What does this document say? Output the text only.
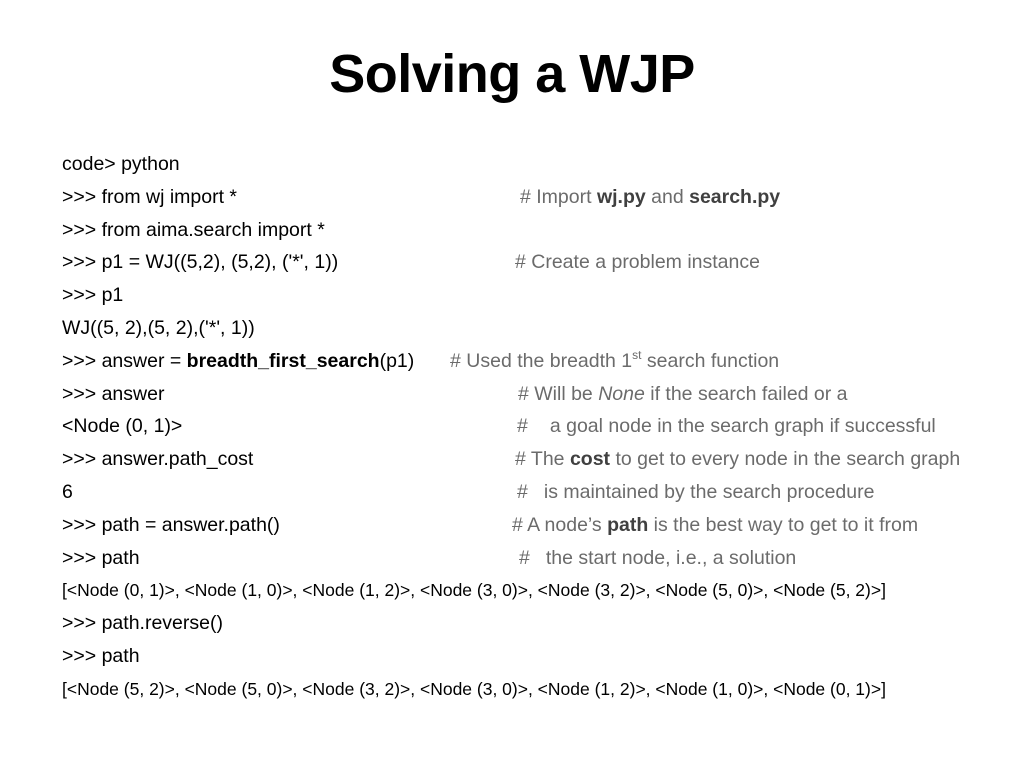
Solving a WJP
code> python
>>> from wj import *	# Import wj.py and search.py
>>> from aima.search import *
>>> p1 = WJ((5,2), (5,2), ('*', 1))	# Create a problem instance
>>> p1
WJ((5, 2),(5, 2),('*', 1))
>>> answer = breadth_first_search(p1) # Used the breadth 1st search function
>>> answer	# Will be None if the search failed or a
<Node (0, 1)>	# a goal node in the search graph if successful
>>> answer.path_cost	# The cost to get to every node in the search graph
6	# is maintained by the search procedure
>>> path = answer.path()	# A node’s path is the best way to get to it from
>>> path	# the start node, i.e., a solution
[<Node (0, 1)>, <Node (1, 0)>, <Node (1, 2)>, <Node (3, 0)>, <Node (3, 2)>, <Node (5, 0)>, <Node (5, 2)>]
>>> path.reverse()
>>> path
[<Node (5, 2)>, <Node (5, 0)>, <Node (3, 2)>, <Node (3, 0)>, <Node (1, 2)>, <Node (1, 0)>, <Node (0, 1)>]
